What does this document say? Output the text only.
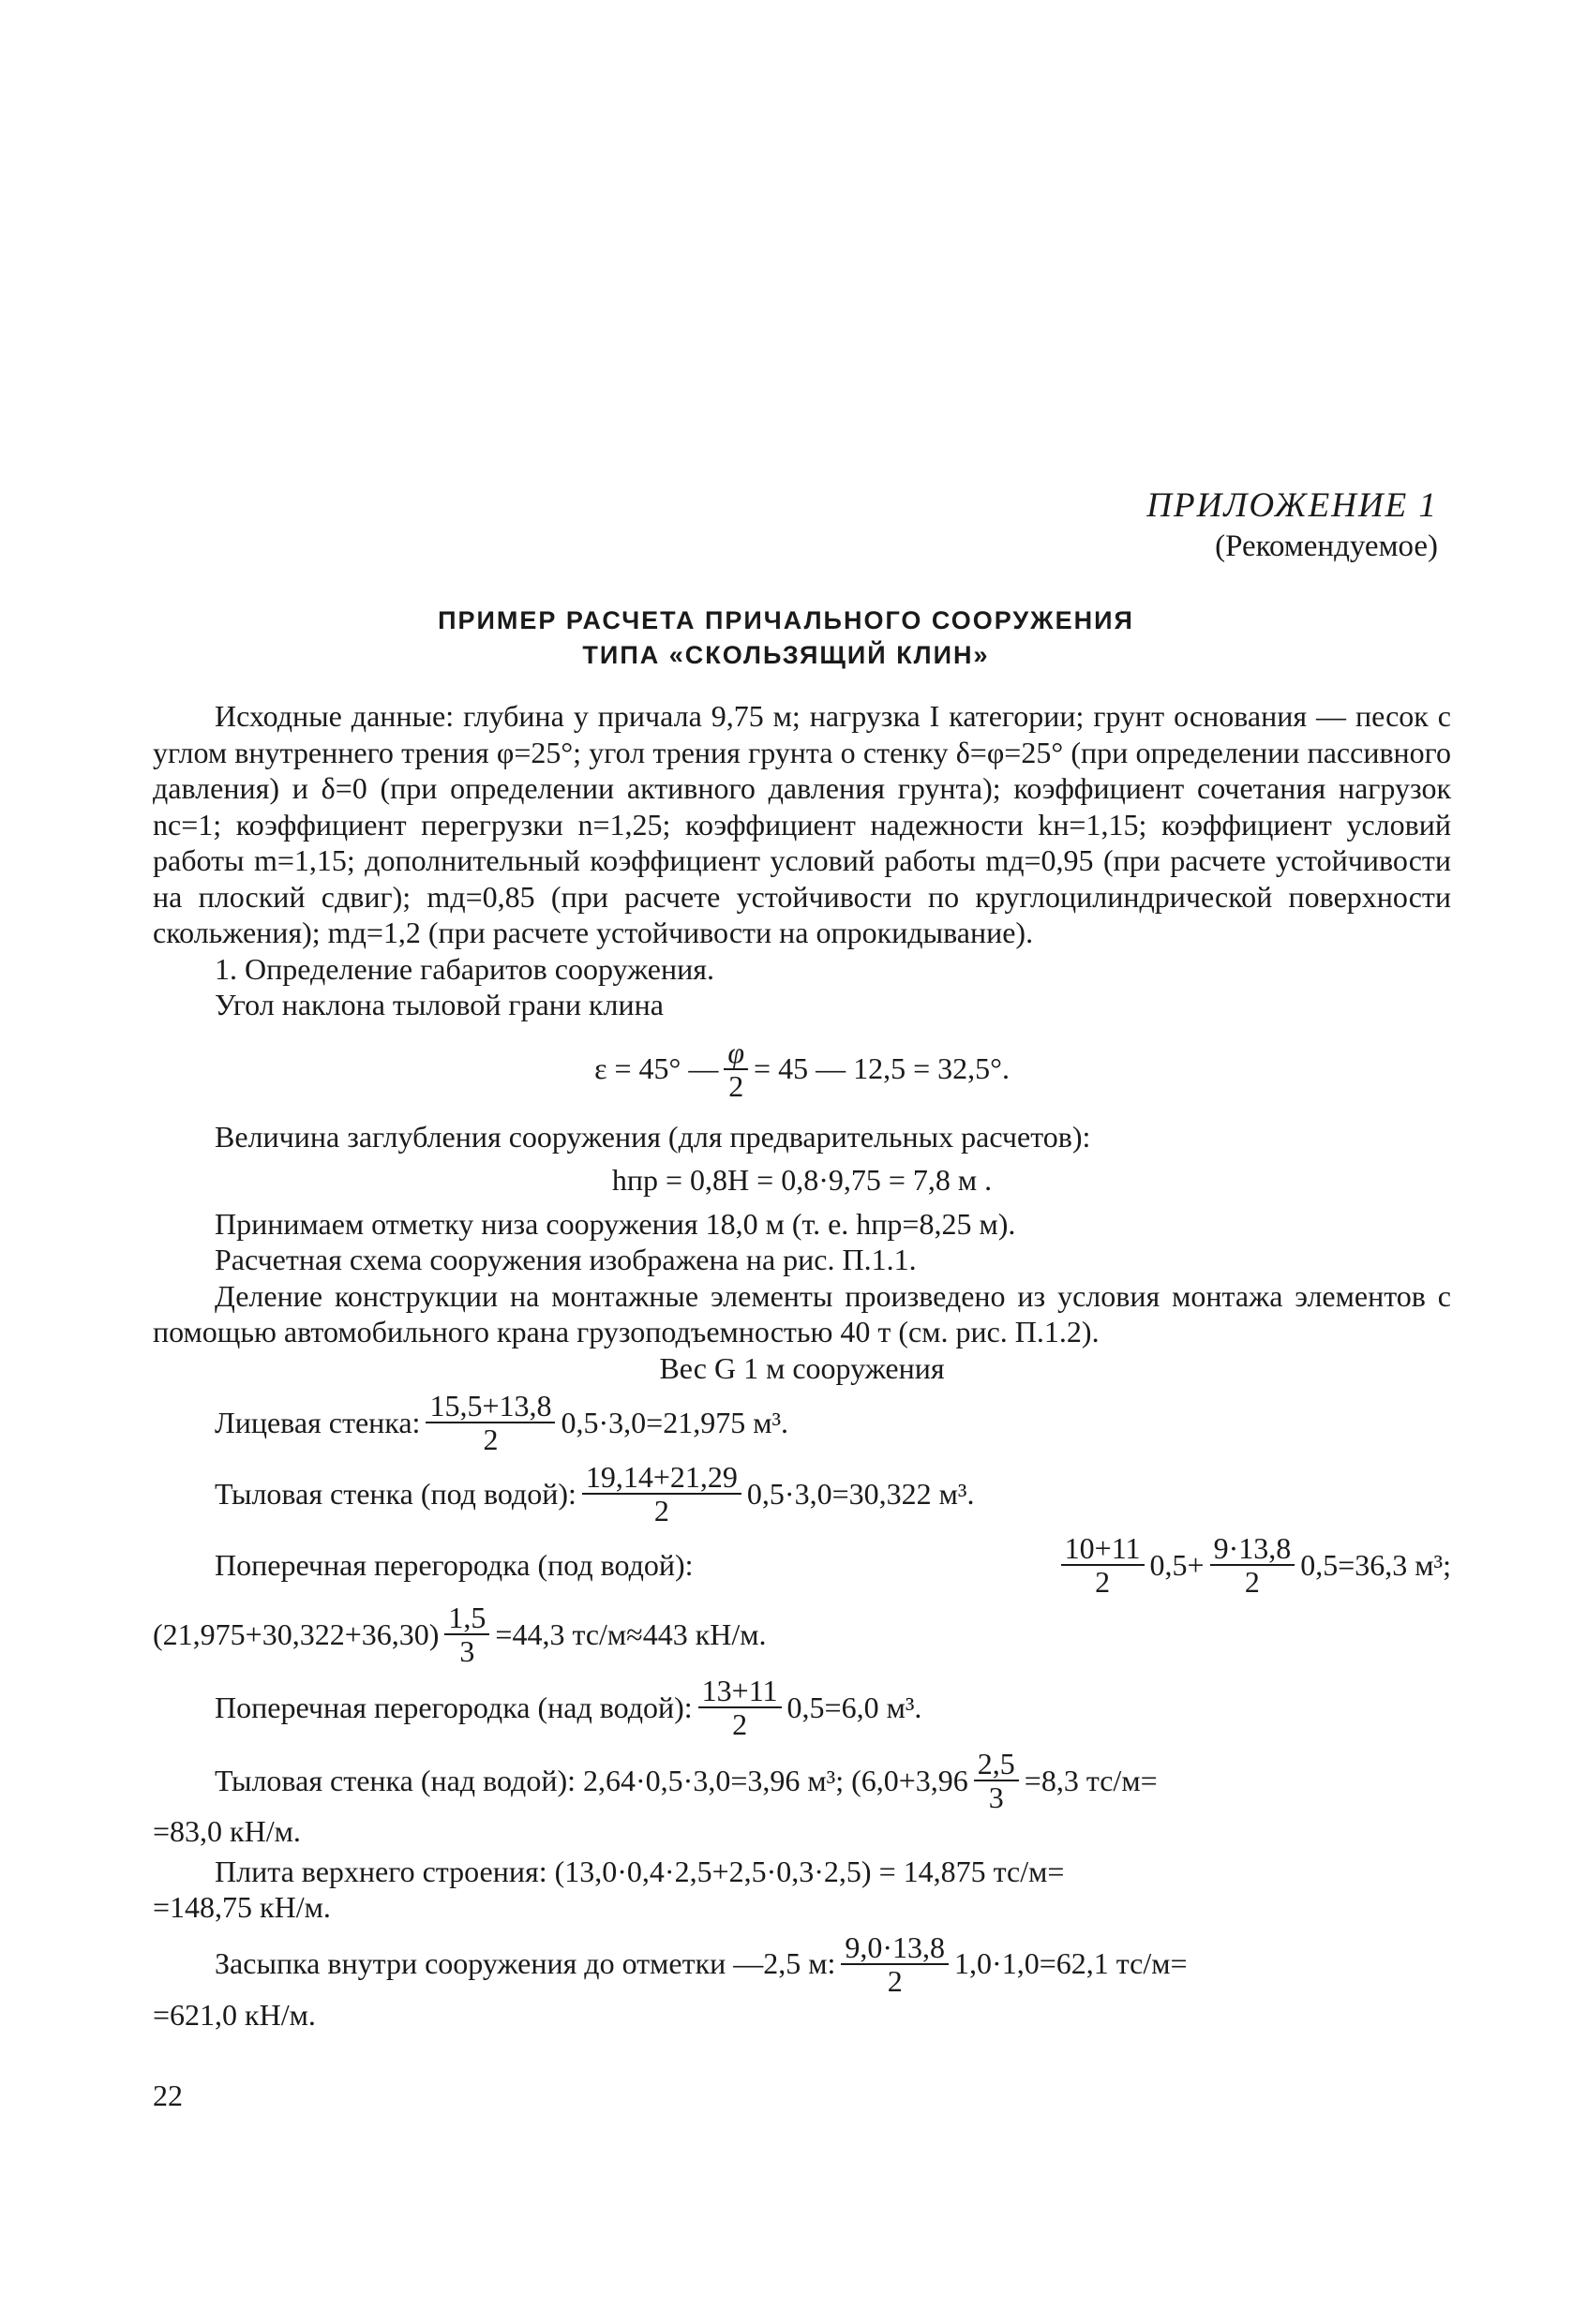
ПРИЛОЖЕНИЕ 1
(Рекомендуемое)
ПРИМЕР РАСЧЕТА ПРИЧАЛЬНОГО СООРУЖЕНИЯ
ТИПА «СКОЛЬЗЯЩИЙ КЛИН»

Исходные данные: глубина у причала 9,75 м; нагрузка I категории; грунт основания — песок с углом внутреннего трения φ=25°; угол трения грунта о стенку δ=φ=25° (при определении пассивного давления) и δ=0 (при определении активного давления грунта); коэффициент сочетания нагрузок nс=1; коэффициент перегрузки n=1,25; коэффициент надежности kн=1,15; коэффициент условий работы m=1,15; дополнительный коэффициент условий работы mд=0,95 (при расчете устойчивости на плоский сдвиг); mд=0,85 (при расчете устойчивости по круглоцилиндрической поверхности скольжения); mд=1,2 (при расчете устойчивости на опрокидывание).

1. Определение габаритов сооружения.

Угол наклона тыловой грани клина

ε = 45° — $\frac{\varphi}{2} = 45$ — 12,5 = 32,5°.

Величина заглубления сооружения (для предварительных расчетов):

hпр = 0,8H = 0,8·9,75 = 7,8 м .

Принимаем отметку низа сооружения 18,0 м (т. е. hпр=8,25 м).

Расчетная схема сооружения изображена на рис. П.1.1.

Деление конструкции на монтажные элементы произведено из условия монтажа элементов с помощью автомобильного крана грузоподъемностью 40 т (см. рис. П.1.2).

Вес G 1 м сооружения

Лицевая стенка: $\frac{15,5+13,8}{2} 0,5\cdot 3,0=21,975$ м³.
Тыловая стенка (под водой): $\frac{19,14+21,29}{2} 0,5\cdot 3,0=30,322$ м³.
Поперечная перегородка (под водой):	$\frac{10+11}{2} 0,5+ \frac{9\cdot 13,8}{2} 0,5=36,3$ м³;
$(21,975+30,322+36,30) \frac{1,5}{3} =44,3$ тс/м≈443 кН/м.
Поперечная перегородка (над водой): $\frac{13+11}{2} 0,5=6,0$ м³.
Тыловая стенка (над водой): 2,64·0,5·3,0=3,96 м³; ($6,0+3,96 \frac{2,5}{3} =8,3$ тс/м=

=83,0 кН/м.

Плита верхнего строения: (13,0·0,4·2,5+2,5·0,3·2,5) = 14,875 тс/м=

=148,75 кН/м.

Засыпка внутри сооружения до отметки —2,5 м: $\frac{9,0\cdot 13,8}{2} 1,0\cdot 1,0=62,1$ тс/м=

=621,0 кН/м.

22
